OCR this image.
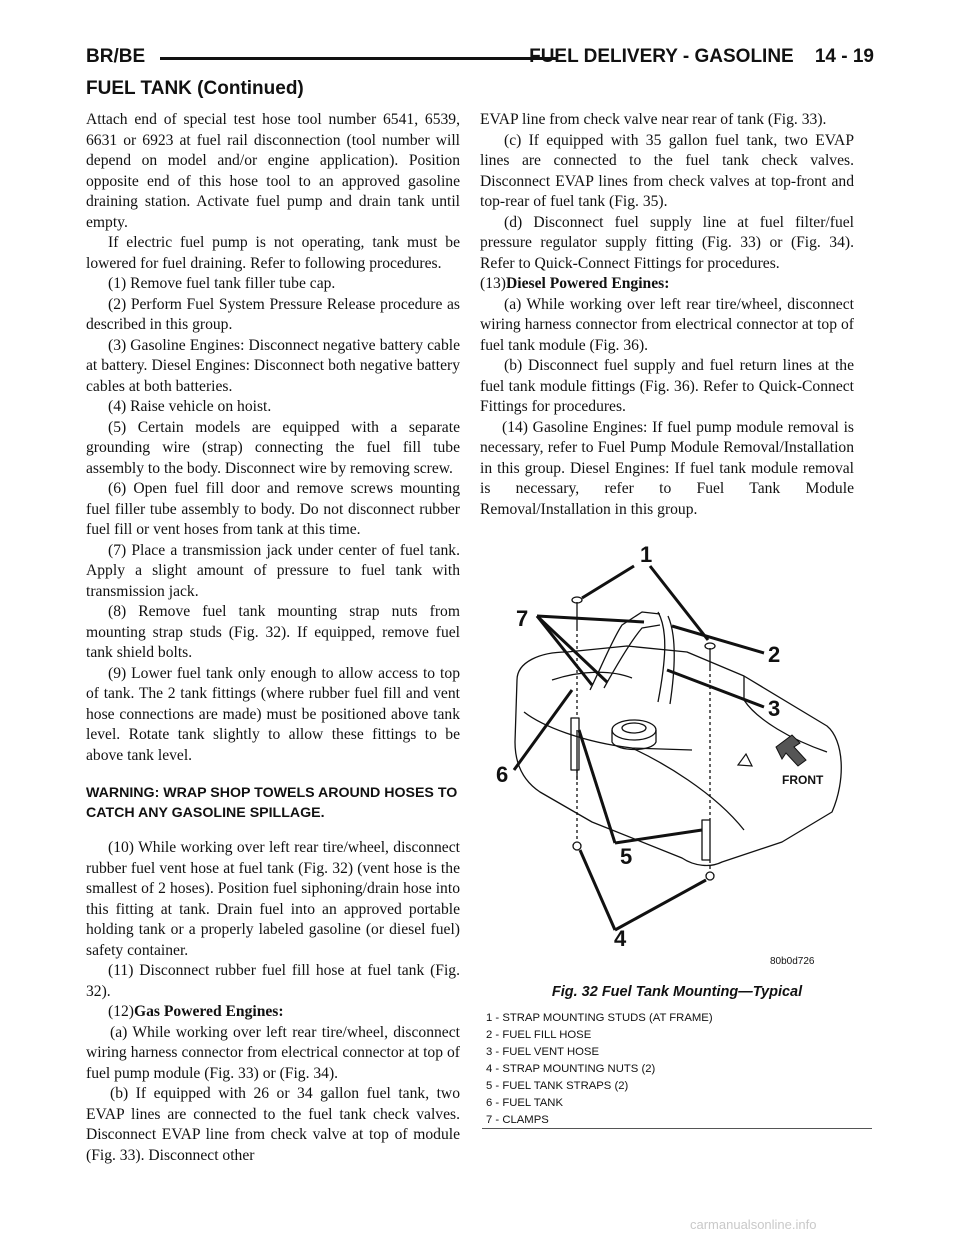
BR/BE	FUEL DELIVERY - GASOLINE    14 - 19
FUEL TANK (Continued)

Attach end of special test hose tool number 6541, 6539, 6631 or 6923 at fuel rail disconnection (tool number will depend on model and/or engine application). Position opposite end of this hose tool to an approved gasoline draining station. Activate fuel pump and drain tank until empty.

If electric fuel pump is not operating, tank must be lowered for fuel draining. Refer to following procedures.

(1) Remove fuel tank filler tube cap.

(2) Perform Fuel System Pressure Release procedure as described in this group.

(3) Gasoline Engines: Disconnect negative battery cable at battery. Diesel Engines: Disconnect both negative battery cables at both batteries.

(4) Raise vehicle on hoist.

(5) Certain models are equipped with a separate grounding wire (strap) connecting the fuel fill tube assembly to the body. Disconnect wire by removing screw.

(6) Open fuel fill door and remove screws mounting fuel filler tube assembly to body. Do not disconnect rubber fuel fill or vent hoses from tank at this time.

(7) Place a transmission jack under center of fuel tank. Apply a slight amount of pressure to fuel tank with transmission jack.

(8) Remove fuel tank mounting strap nuts from mounting strap studs (Fig. 32). If equipped, remove fuel tank shield bolts.

(9) Lower fuel tank only enough to allow access to top of tank. The 2 tank fittings (where rubber fuel fill and vent hose connections are made) must be positioned above tank level. Rotate tank slightly to allow these fittings to be above tank level.

WARNING: WRAP SHOP TOWELS AROUND HOSES TO CATCH ANY GASOLINE SPILLAGE.

(10) While working over left rear tire/wheel, disconnect rubber fuel vent hose at fuel tank (Fig. 32) (vent hose is the smallest of 2 hoses). Position fuel siphoning/drain hose into this fitting at tank. Drain fuel into an approved portable holding tank or a properly labeled gasoline (or diesel fuel) safety container.

(11) Disconnect rubber fuel fill hose at fuel tank (Fig. 32).

(12)Gas Powered Engines:

(a) While working over left rear tire/wheel, disconnect wiring harness connector from electrical connector at top of fuel pump module (Fig. 33) or (Fig. 34).

(b) If equipped with 26 or 34 gallon fuel tank, two EVAP lines are connected to the fuel tank check valves. Disconnect EVAP line from check valve at top of module (Fig. 33). Disconnect other

EVAP line from check valve near rear of tank (Fig. 33).

(c) If equipped with 35 gallon fuel tank, two EVAP lines are connected to the fuel tank check valves. Disconnect EVAP lines from check valves at top-front and top-rear of fuel tank (Fig. 35).

(d) Disconnect fuel supply line at fuel filter/fuel pressure regulator supply fitting (Fig. 33) or (Fig. 34). Refer to Quick-Connect Fittings for procedures.

(13)Diesel Powered Engines:

(a) While working over left rear tire/wheel, disconnect wiring harness connector from electrical connector at top of fuel tank module (Fig. 36).

(b) Disconnect fuel supply and fuel return lines at the fuel tank module fittings (Fig. 36). Refer to Quick-Connect Fittings for procedures.

(14) Gasoline Engines: If fuel pump module removal is necessary, refer to Fuel Pump Module Removal/Installation in this group. Diesel Engines: If fuel tank module removal is necessary, refer to Fuel Tank Module Removal/Installation in this group.

1
7
2
3
6
5
4
FRONT
80b0d726
Fig. 32 Fuel Tank Mounting—Typical
1 - STRAP MOUNTING STUDS (AT FRAME)
2 - FUEL FILL HOSE
3 - FUEL VENT HOSE
4 - STRAP MOUNTING NUTS (2)
5 - FUEL TANK STRAPS (2)
6 - FUEL TANK
7 - CLAMPS
carmanualsonline.info
